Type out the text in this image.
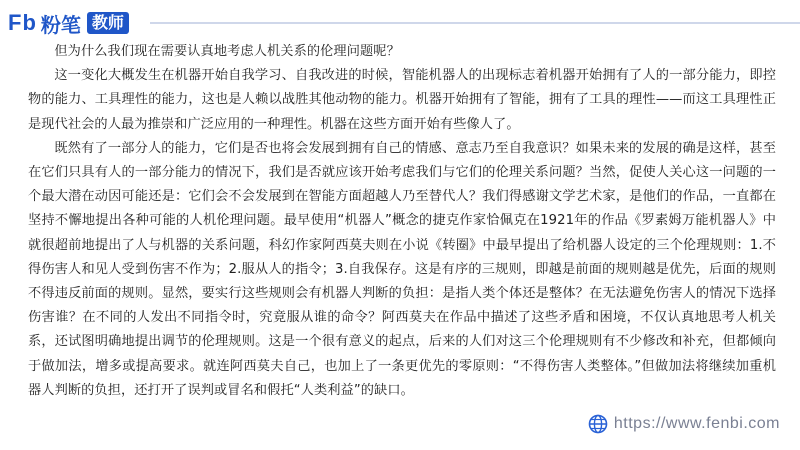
Fb 粉笔 教师

但为什么我们现在需要认真地考虑人机关系的伦理问题呢？

这一变化大概发生在机器开始自我学习、自我改进的时候，智能机器人的出现标志着机器开始拥有了人的一部分能力，即控物的能力、工具理性的能力，这也是人赖以战胜其他动物的能力。机器开始拥有了智能，拥有了工具的理性——而这工具理性正是现代社会的人最为推崇和广泛应用的一种理性。机器在这些方面开始有些像人了。

既然有了一部分人的能力，它们是否也将会发展到拥有自己的情感、意志乃至自我意识？如果未来的发展的确是这样，甚至在它们只具有人的一部分能力的情况下，我们是否就应该开始考虑我们与它们的伦理关系问题？当然，促使人关心这一问题的一个最大潜在动因可能还是：它们会不会发展到在智能方面超越人乃至替代人？我们得感谢文学艺术家，是他们的作品，一直都在坚持不懈地提出各种可能的人机伦理问题。最早使用“机器人”概念的捷克作家恰佩克在1921年的作品《罗素姆万能机器人》中就很超前地提出了人与机器的关系问题，科幻作家阿西莫夫则在小说《转圈》中最早提出了给机器人设定的三个伦理规则：1.不得伤害人和见人受到伤害不作为；2.服从人的指令；3.自我保存。这是有序的三规则，即越是前面的规则越是优先，后面的规则不得违反前面的规则。显然，要实行这些规则会有机器人判断的负担：是指人类个体还是整体？在无法避免伤害人的情况下选择伤害谁？在不同的人发出不同指令时，究竟服从谁的命令？阿西莫夫在作品中描述了这些矛盾和困境，不仅认真地思考人机关系，还试图明确地提出调节的伦理规则。这是一个很有意义的起点，后来的人们对这三个伦理规则有不少修改和补充，但都倾向于做加法，增多或提高要求。就连阿西莫夫自己，也加上了一条更优先的零原则：“不得伤害人类整体。”但做加法将继续加重机器人判断的负担，还打开了误判或冒名和假托“人类利益”的缺口。

https://www.fenbi.com
